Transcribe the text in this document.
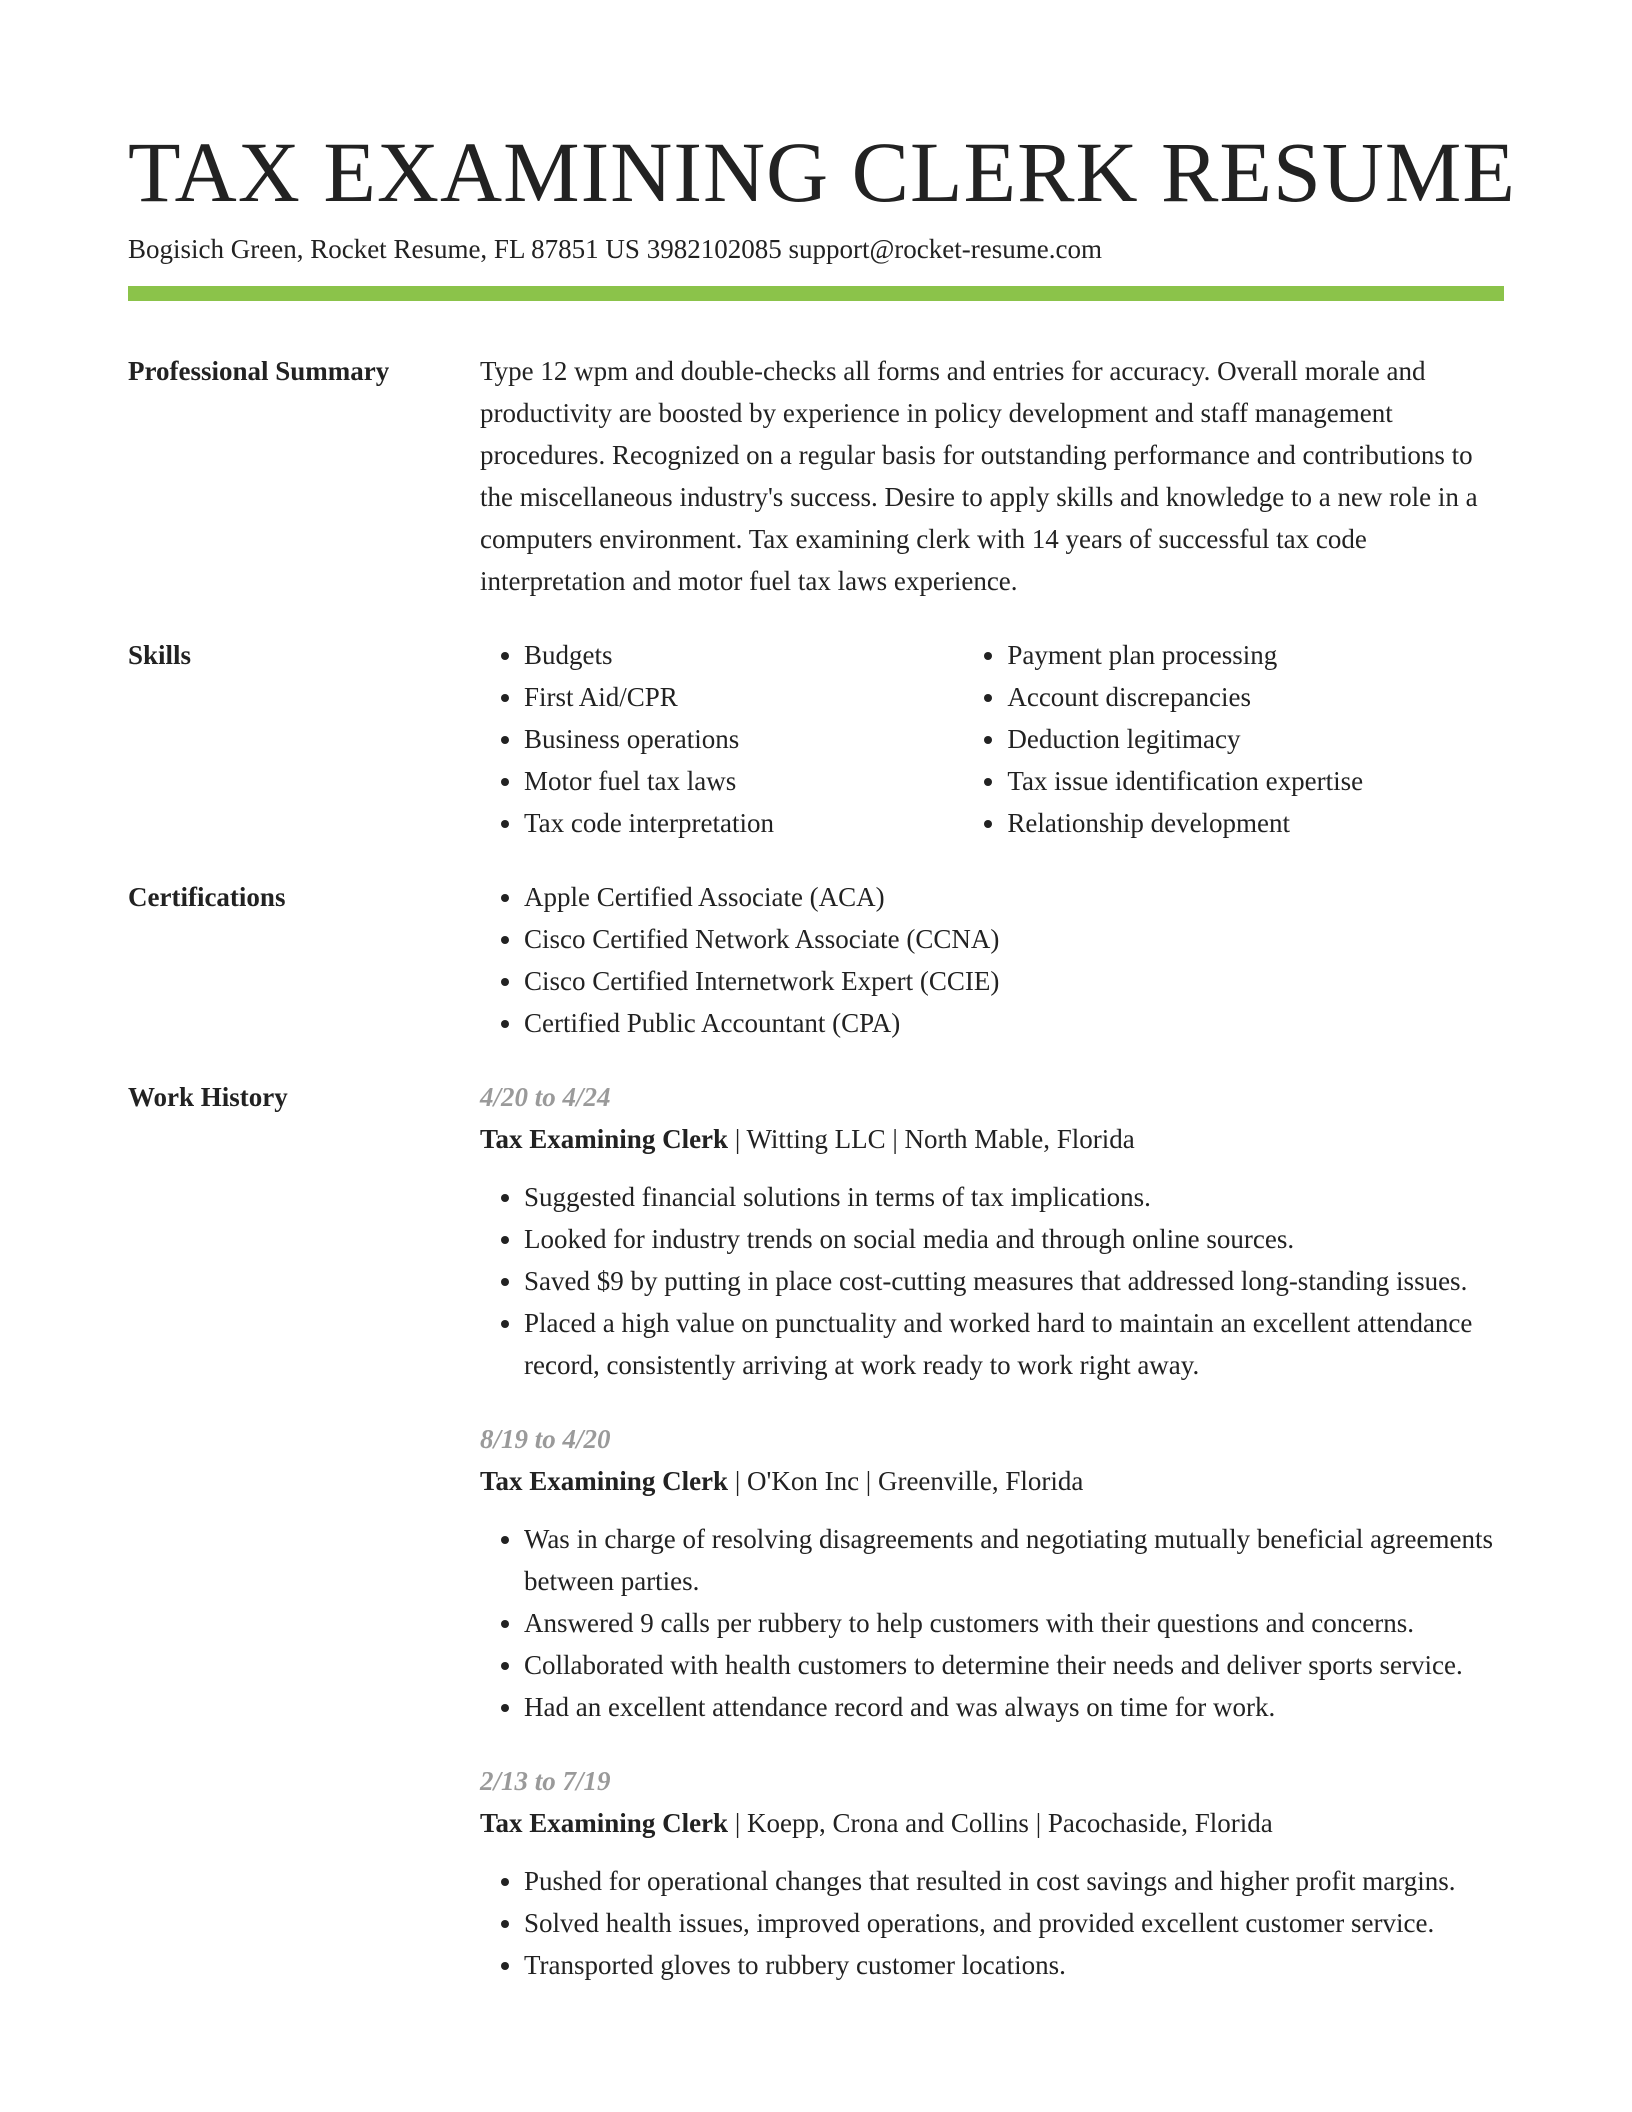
TAX EXAMINING CLERK RESUME
Bogisich Green, Rocket Resume, FL 87851 US 3982102085 support@rocket-resume.com
Professional Summary	Type 12 wpm and double-checks all forms and entries for accuracy. Overall morale and productivity are boosted by experience in policy development and staff management procedures. Recognized on a regular basis for outstanding performance and contributions to the miscellaneous industry's success. Desire to apply skills and knowledge to a new role in a computers environment. Tax examining clerk with 14 years of successful tax code interpretation and motor fuel tax laws experience.

Skills	• Budgets
• First Aid/CPR
• Business operations
• Motor fuel tax laws
• Tax code interpretation
• Payment plan processing
• Account discrepancies
• Deduction legitimacy
• Tax issue identification expertise
• Relationship development
Certifications	• Apple Certified Associate (ACA)
• Cisco Certified Network Associate (CCNA)
• Cisco Certified Internetwork Expert (CCIE)
• Certified Public Accountant (CPA)
Work History	4/20 to 4/24
Tax Examining Clerk | Witting LLC | North Mable, Florida
• Suggested financial solutions in terms of tax implications.
• Looked for industry trends on social media and through online sources.
• Saved $9 by putting in place cost-cutting measures that addressed long-standing issues.
• Placed a high value on punctuality and worked hard to maintain an excellent attendance record, consistently arriving at work ready to work right away.
8/19 to 4/20
Tax Examining Clerk | O'Kon Inc | Greenville, Florida
• Was in charge of resolving disagreements and negotiating mutually beneficial agreements between parties.
• Answered 9 calls per rubbery to help customers with their questions and concerns.
• Collaborated with health customers to determine their needs and deliver sports service.
• Had an excellent attendance record and was always on time for work.
2/13 to 7/19
Tax Examining Clerk | Koepp, Crona and Collins | Pacochaside, Florida
• Pushed for operational changes that resulted in cost savings and higher profit margins.
• Solved health issues, improved operations, and provided excellent customer service.
• Transported gloves to rubbery customer locations.
